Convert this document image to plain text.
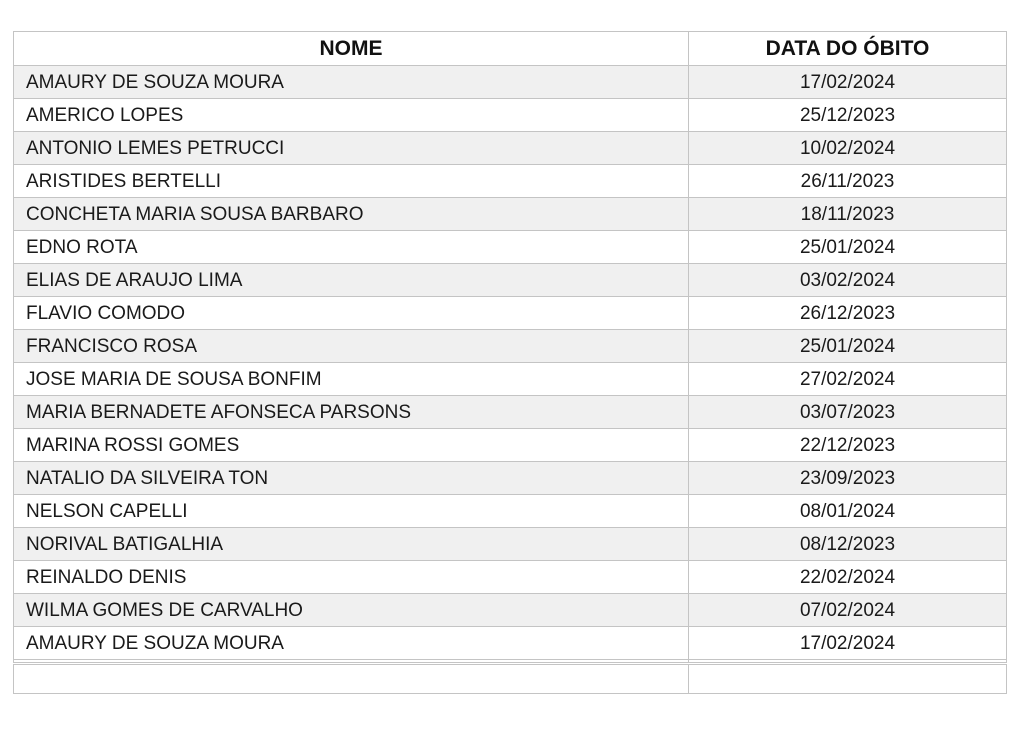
NOME	DATA DO ÓBITO
AMAURY DE SOUZA MOURA	17/02/2024
AMERICO LOPES	25/12/2023
ANTONIO LEMES PETRUCCI	10/02/2024
ARISTIDES BERTELLI	26/11/2023
CONCHETA MARIA SOUSA BARBARO	18/11/2023
EDNO ROTA	25/01/2024
ELIAS DE ARAUJO LIMA	03/02/2024
FLAVIO COMODO	26/12/2023
FRANCISCO ROSA	25/01/2024
JOSE MARIA DE SOUSA BONFIM	27/02/2024
MARIA BERNADETE AFONSECA PARSONS	03/07/2023
MARINA ROSSI GOMES	22/12/2023
NATALIO DA SILVEIRA TON	23/09/2023
NELSON CAPELLI	08/01/2024
NORIVAL BATIGALHIA	08/12/2023
REINALDO DENIS	22/02/2024
WILMA GOMES DE CARVALHO	07/02/2024
AMAURY DE SOUZA MOURA	17/02/2024
